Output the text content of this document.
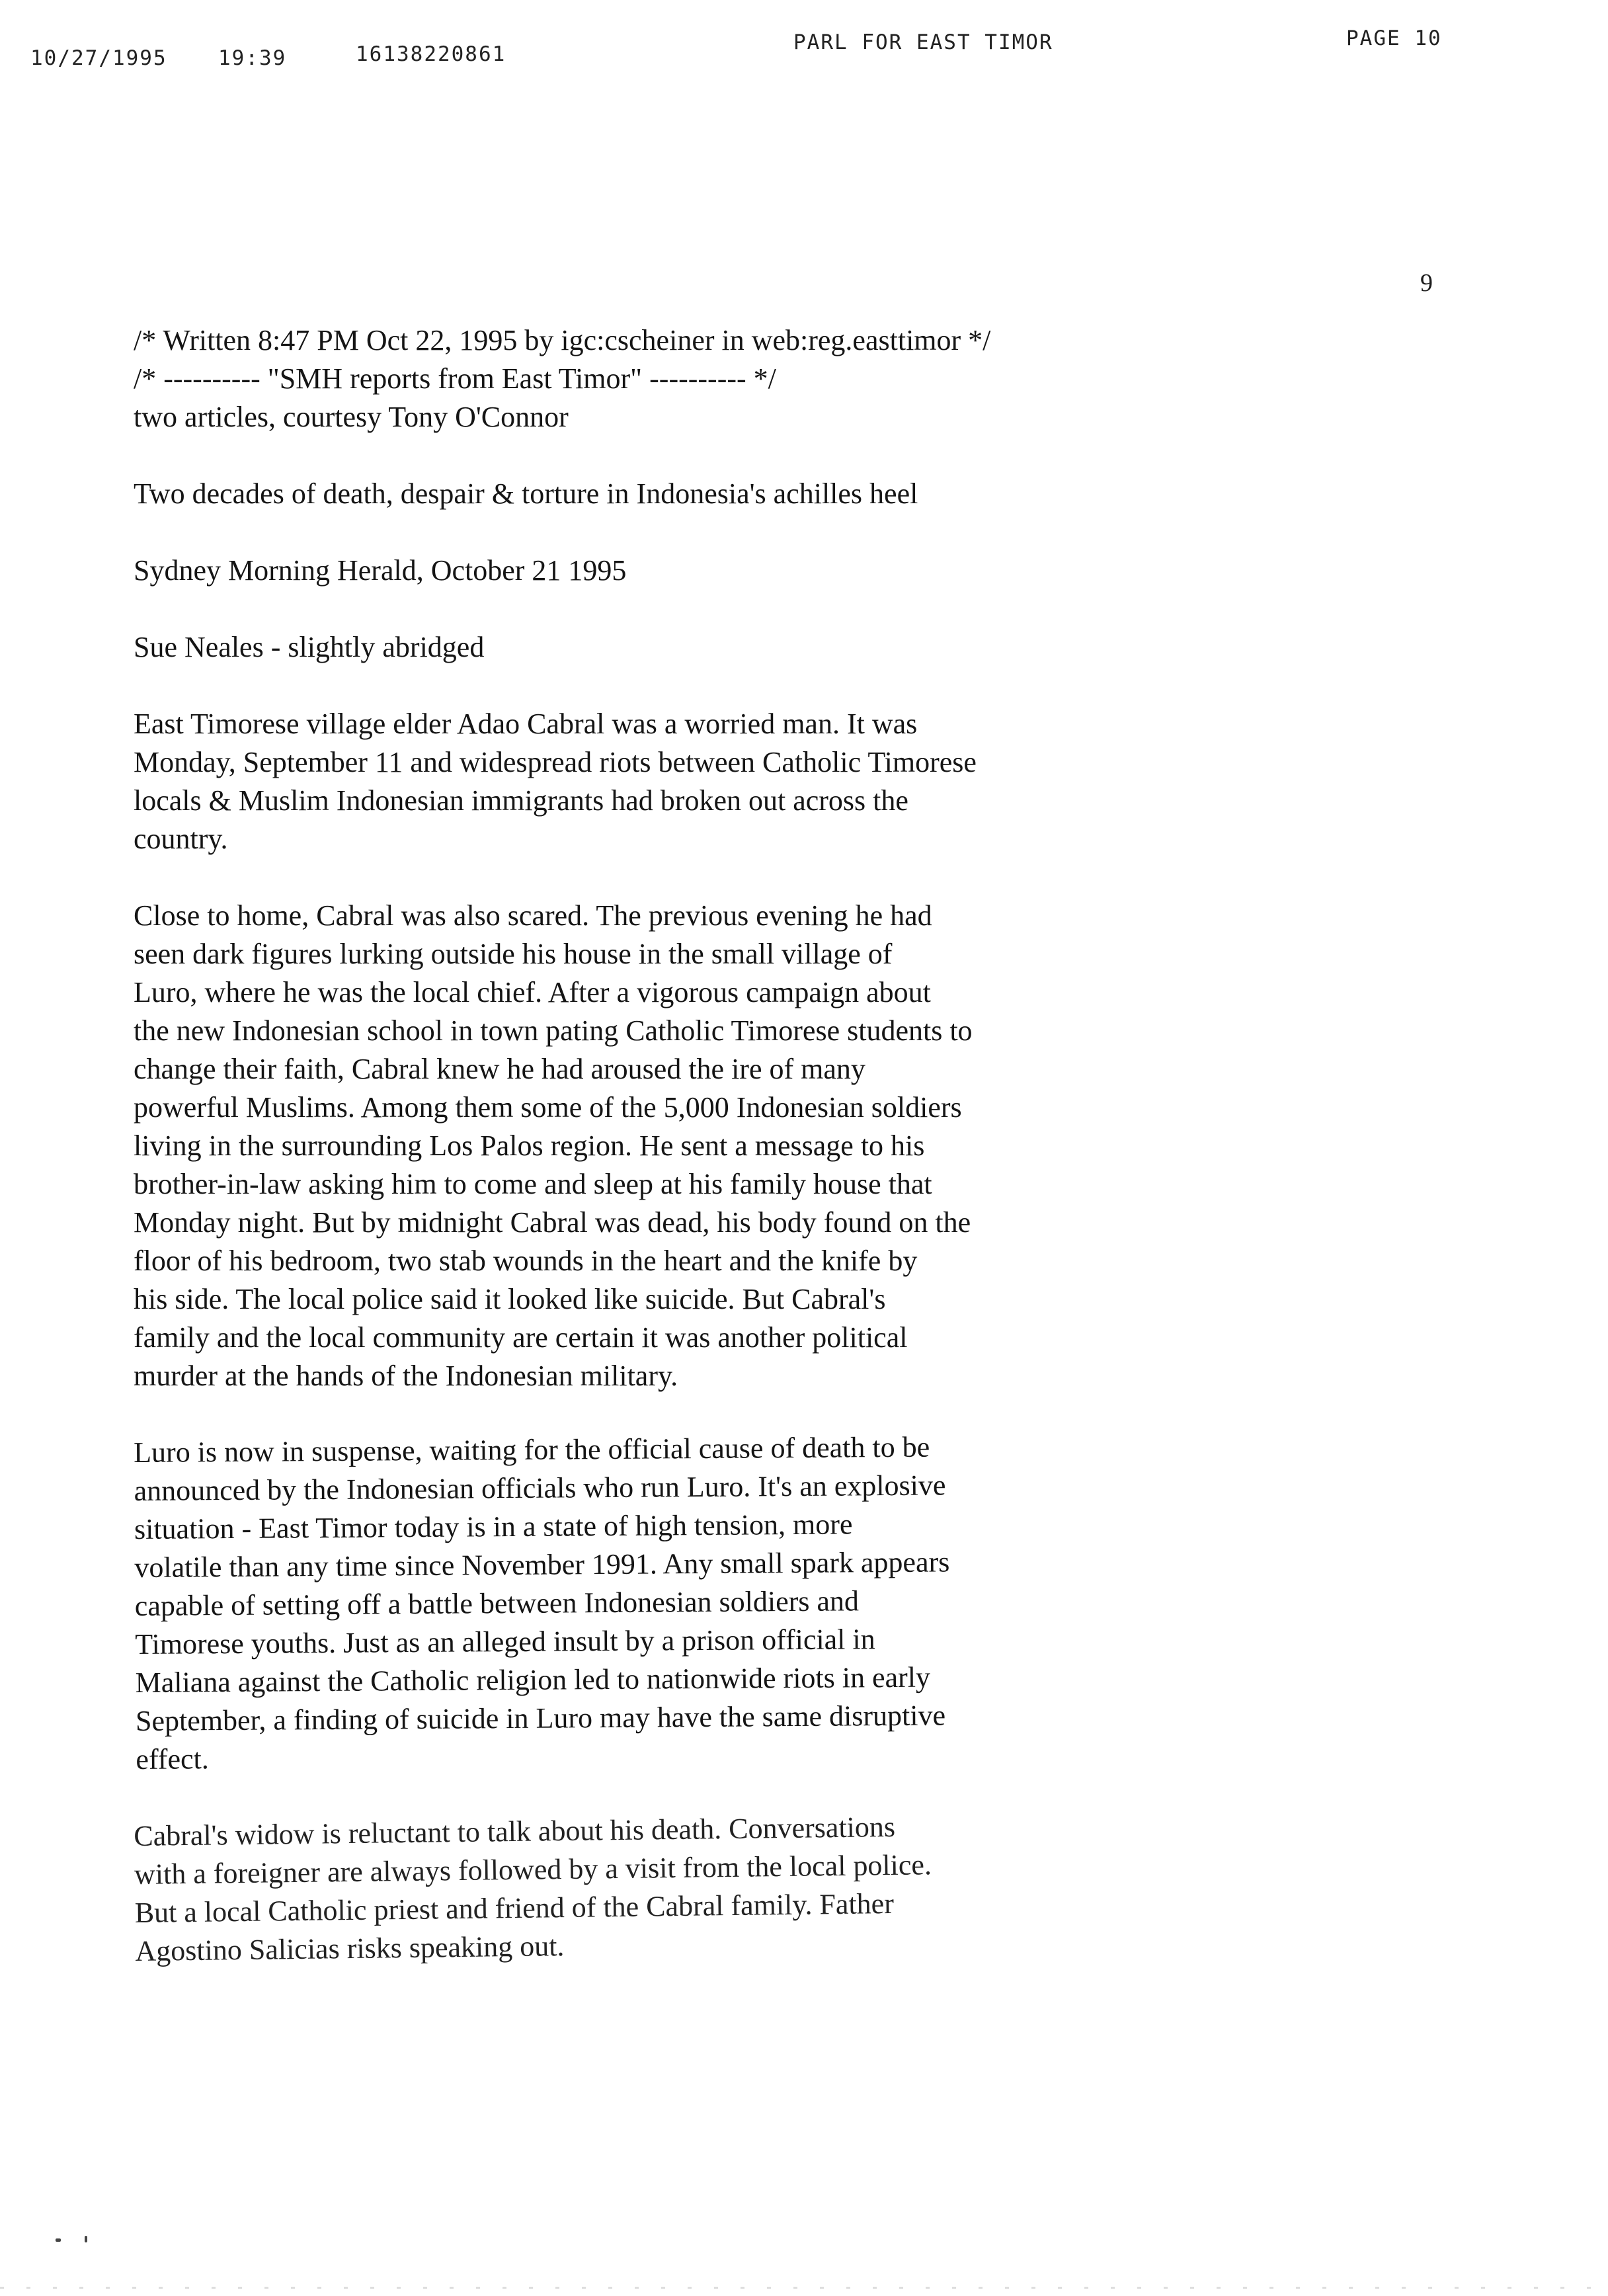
10/27/1995 19:39	16138220861	PARL FOR EAST TIMOR	PAGE 10
9

/* Written 8:47 PM Oct 22, 1995 by igc:cscheiner in web:reg.easttimor */

/* ---------- "SMH reports from East Timor" ---------- */

two articles, courtesy Tony O'Connor

Two decades of death, despair & torture in Indonesia's achilles heel

Sydney Morning Herald, October 21 1995

Sue Neales - slightly abridged

East Timorese village elder Adao Cabral was a worried man. It was
Monday, September 11 and widespread riots between Catholic Timorese
locals & Muslim Indonesian immigrants had broken out across the
country.
Close to home, Cabral was also scared. The previous evening he had
seen dark figures lurking outside his house in the small village of
Luro, where he was the local chief. After a vigorous campaign about
the new Indonesian school in town pating Catholic Timorese students to
change their faith, Cabral knew he had aroused the ire of many
powerful Muslims. Among them some of the 5,000 Indonesian soldiers
living in the surrounding Los Palos region. He sent a message to his
brother-in-law asking him to come and sleep at his family house that
Monday night. But by midnight Cabral was dead, his body found on the
floor of his bedroom, two stab wounds in the heart and the knife by
his side. The local police said it looked like suicide. But Cabral's
family and the local community are certain it was another political
murder at the hands of the Indonesian military.
Luro is now in suspense, waiting for the official cause of death to be
announced by the Indonesian officials who run Luro. It's an explosive
situation - East Timor today is in a state of high tension, more
volatile than any time since November 1991. Any small spark appears
capable of setting off a battle between Indonesian soldiers and
Timorese youths. Just as an alleged insult by a prison official in
Maliana against the Catholic religion led to nationwide riots in early
September, a finding of suicide in Luro may have the same disruptive
effect.
Cabral's widow is reluctant to talk about his death. Conversations
with a foreigner are always followed by a visit from the local police.
But a local Catholic priest and friend of the Cabral family. Father
Agostino Salicias risks speaking out.
